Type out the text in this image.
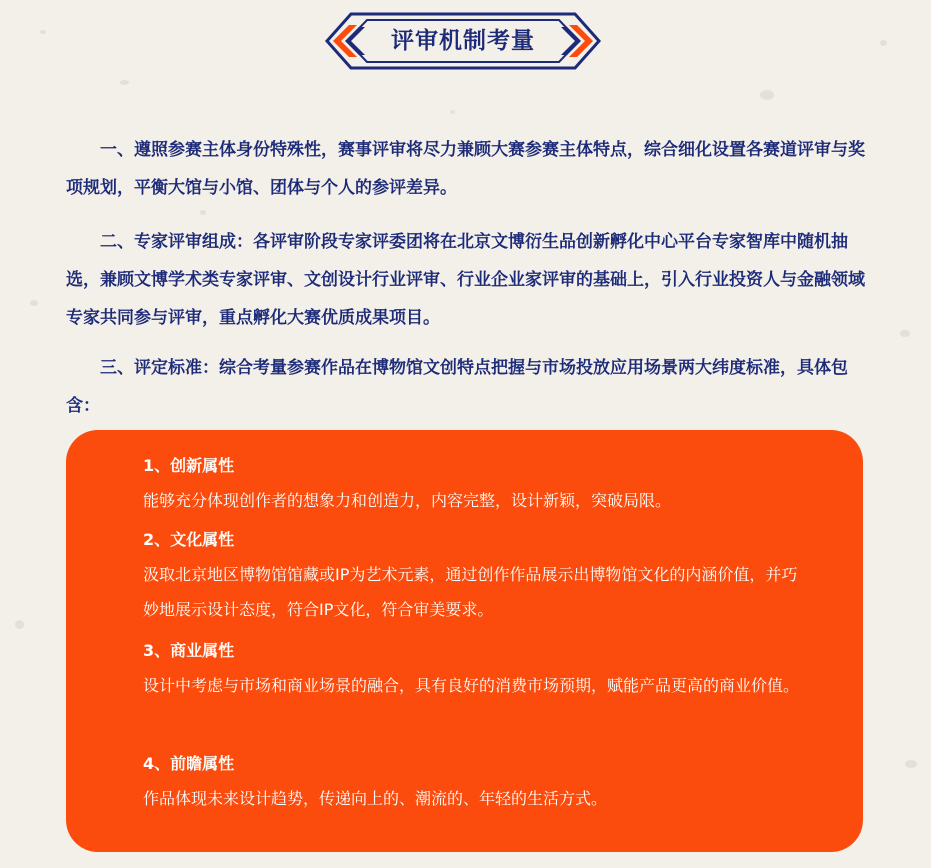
评审机制考量

一、遵照参赛主体身份特殊性，赛事评审将尽力兼顾大赛参赛主体特点，综合细化设置各赛道评审与奖项规划，平衡大馆与小馆、团体与个人的参评差异。

二、专家评审组成：各评审阶段专家评委团将在北京文博衍生品创新孵化中心平台专家智库中随机抽选，兼顾文博学术类专家评审、文创设计行业评审、行业企业家评审的基础上，引入行业投资人与金融领域专家共同参与评审，重点孵化大赛优质成果项目。

三、评定标准：综合考量参赛作品在博物馆文创特点把握与市场投放应用场景两大纬度标准，具体包含：

1、创新属性
能够充分体现创作者的想象力和创造力，内容完整，设计新颖，突破局限。
2、文化属性
汲取北京地区博物馆馆藏或IP为艺术元素，通过创作作品展示出博物馆文化的内涵价值，并巧妙地展示设计态度，符合IP文化，符合审美要求。
3、商业属性
设计中考虑与市场和商业场景的融合，具有良好的消费市场预期，赋能产品更高的商业价值。
4、前瞻属性
作品体现未来设计趋势，传递向上的、潮流的、年轻的生活方式。
